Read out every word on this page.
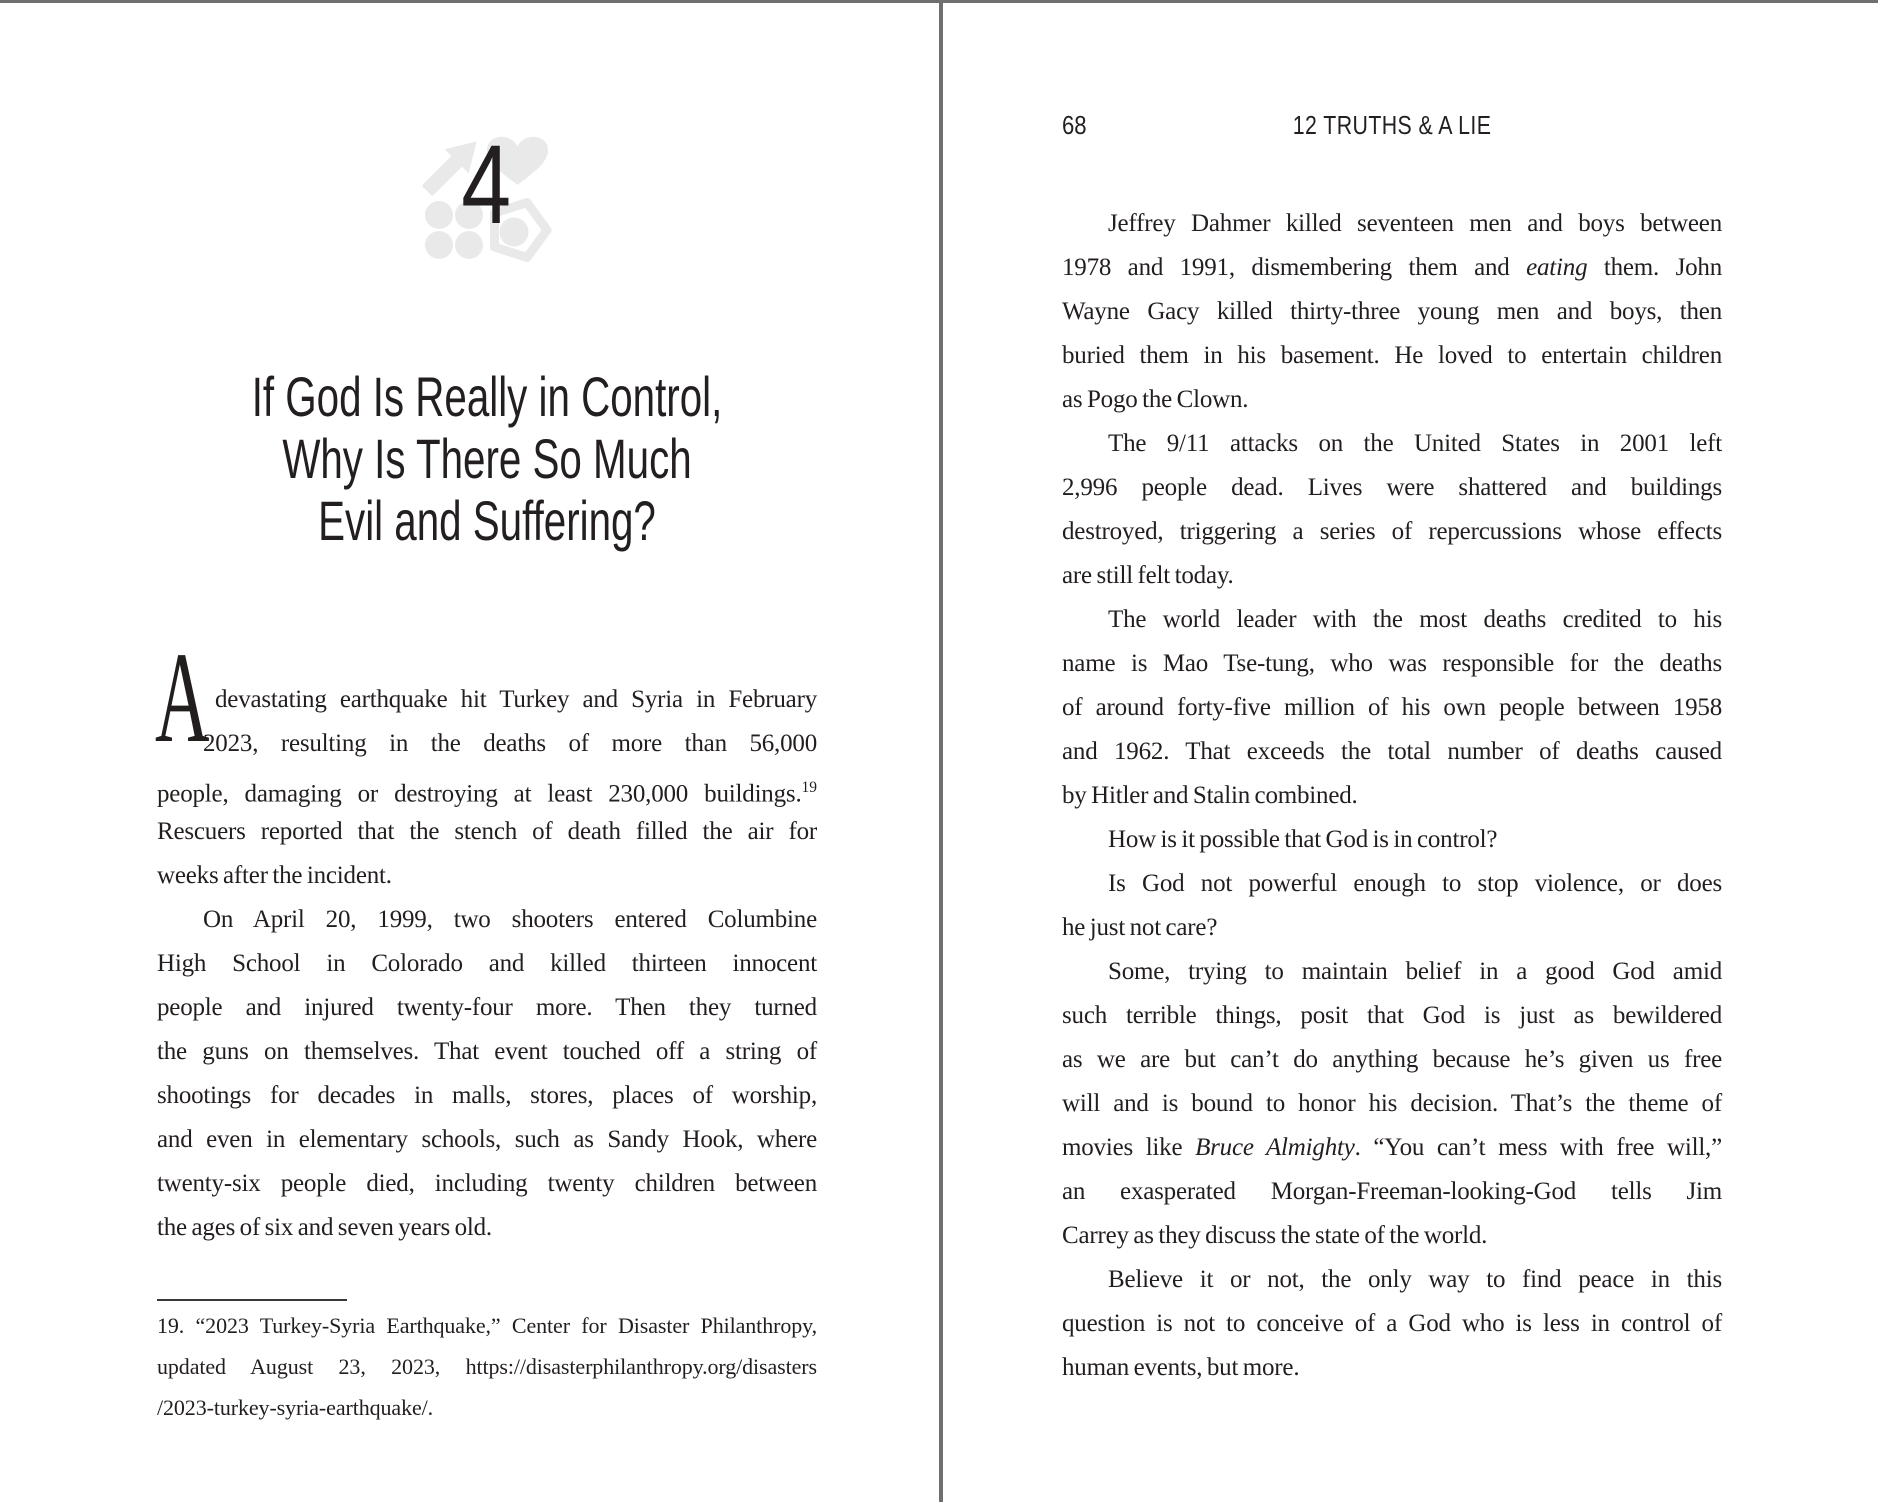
4
If God Is Really in Control,
Why Is There So Much
Evil and Suffering?
A devastating earthquake hit Turkey and Syria in February
2023, resulting in the deaths of more than 56,000
people, damaging or destroying at least 230,000 buildings.$^{19}$
Rescuers reported that the stench of death filled the air for
weeks after the incident.
On April 20, 1999, two shooters entered Columbine
High School in Colorado and killed thirteen innocent
people and injured twenty-four more. Then they turned
the guns on themselves. That event touched off a string of
shootings for decades in malls, stores, places of worship,
and even in elementary schools, such as Sandy Hook, where
twenty-six people died, including twenty children between
the ages of six and seven years old.
19. “2023 Turkey-Syria Earthquake,” Center for Disaster Philanthropy,
updated August 23, 2023, https://disasterphilanthropy.org/disasters
/2023-turkey-syria-earthquake/.
68	12 TRUTHS & A LIE
Jeffrey Dahmer killed seventeen men and boys between
1978 and 1991, dismembering them and eating them. John
Wayne Gacy killed thirty-three young men and boys, then
buried them in his basement. He loved to entertain children
as Pogo the Clown.
The 9/11 attacks on the United States in 2001 left
2,996 people dead. Lives were shattered and buildings
destroyed, triggering a series of repercussions whose effects
are still felt today.
The world leader with the most deaths credited to his
name is Mao Tse-tung, who was responsible for the deaths
of around forty-five million of his own people between 1958
and 1962. That exceeds the total number of deaths caused
by Hitler and Stalin combined.
How is it possible that God is in control?
Is God not powerful enough to stop violence, or does
he just not care?
Some, trying to maintain belief in a good God amid
such terrible things, posit that God is just as bewildered
as we are but can’t do anything because he’s given us free
will and is bound to honor his decision. That’s the theme of
movies like Bruce Almighty. “You can’t mess with free will,”
an exasperated Morgan-Freeman-looking-God tells Jim
Carrey as they discuss the state of the world.
Believe it or not, the only way to find peace in this
question is not to conceive of a God who is less in control of
human events, but more.
